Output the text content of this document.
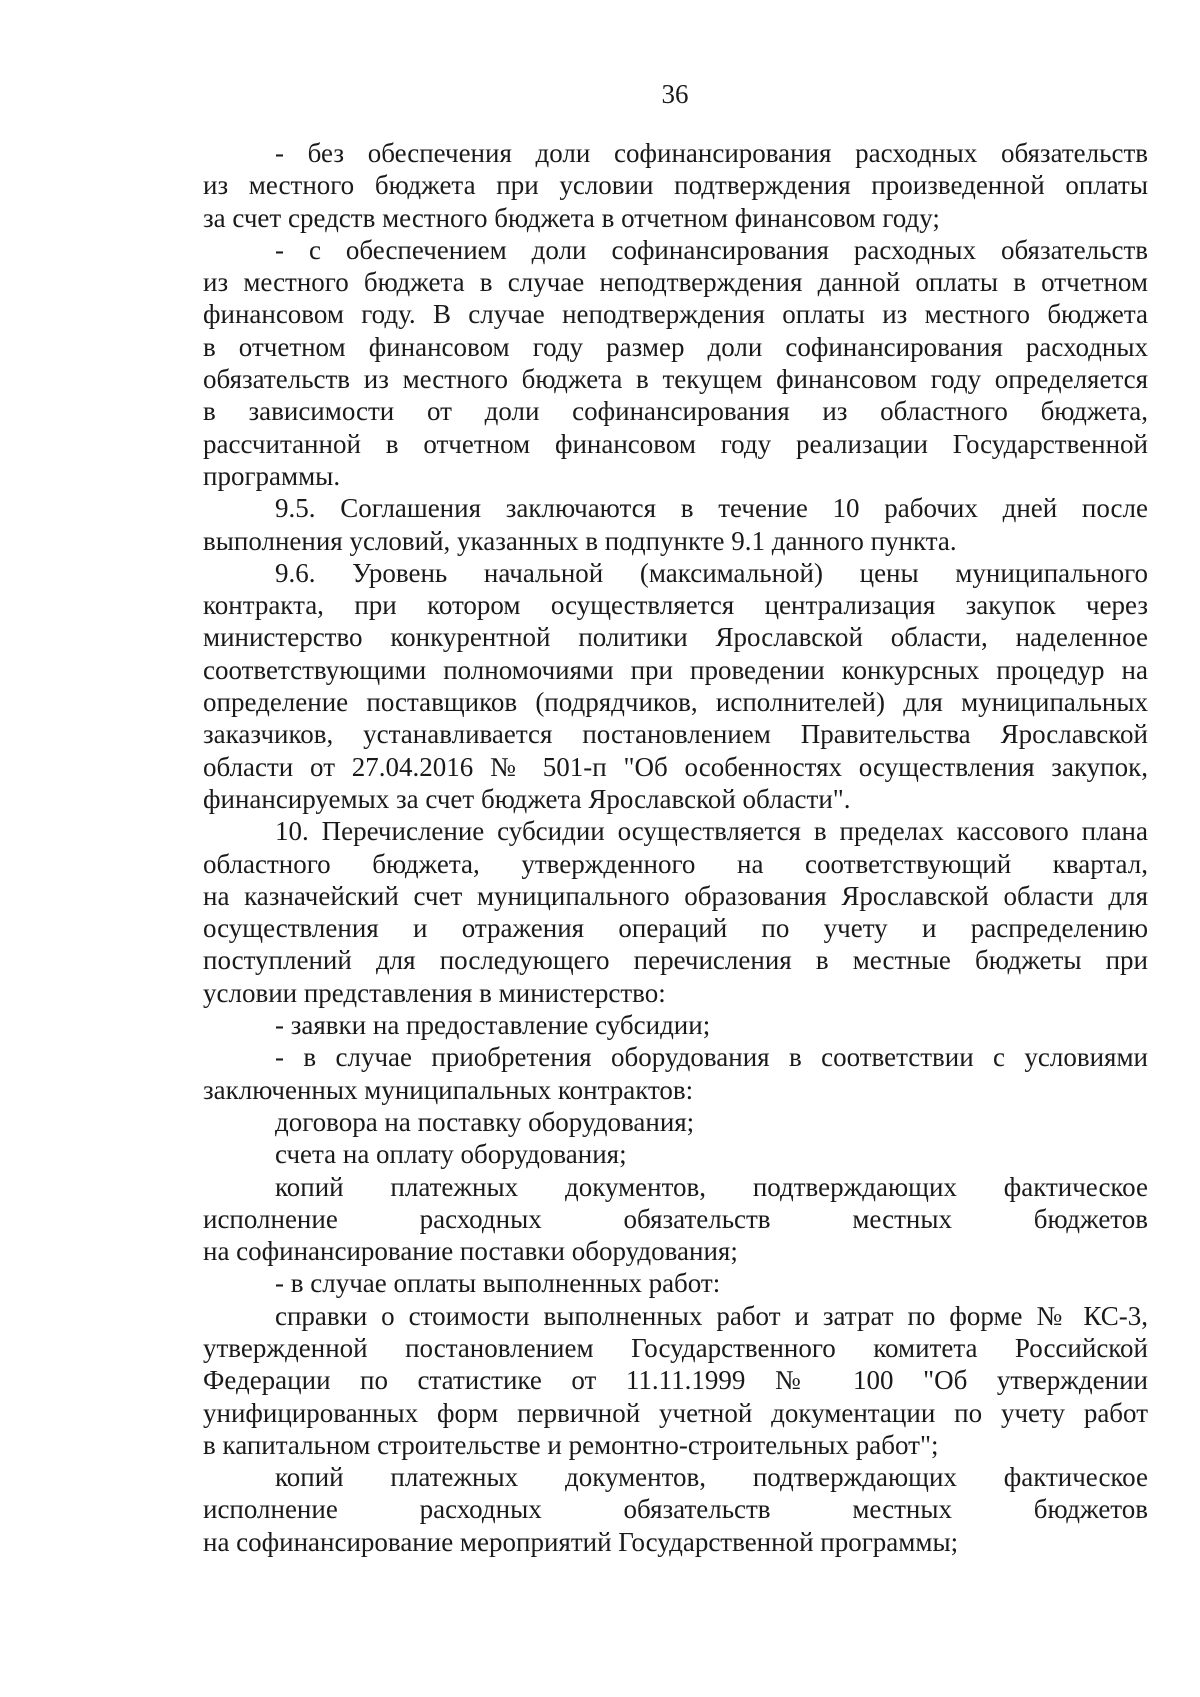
36
- без обеспечения доли софинансирования расходных обязательств
из местного бюджета при условии подтверждения произведенной оплаты
за счет средств местного бюджета в отчетном финансовом году;
- с обеспечением доли софинансирования расходных обязательств
из местного бюджета в случае неподтверждения данной оплаты в отчетном
финансовом году. В случае неподтверждения оплаты из местного бюджета
в отчетном финансовом году размер доли софинансирования расходных
обязательств из местного бюджета в текущем финансовом году определяется
в зависимости от доли софинансирования из областного бюджета,
рассчитанной в отчетном финансовом году реализации Государственной
программы.
9.5. Соглашения заключаются в течение 10 рабочих дней после
выполнения условий, указанных в подпункте 9.1 данного пункта.
9.6. Уровень начальной (максимальной) цены муниципального
контракта, при котором осуществляется централизация закупок через
министерство конкурентной политики Ярославской области, наделенное
соответствующими полномочиями при проведении конкурсных процедур на
определение поставщиков (подрядчиков, исполнителей) для муниципальных
заказчиков, устанавливается постановлением Правительства Ярославской
области от 27.04.2016 № 501-п "Об особенностях осуществления закупок,
финансируемых за счет бюджета Ярославской области".
10. Перечисление субсидии осуществляется в пределах кассового плана
областного бюджета, утвержденного на соответствующий квартал,
на казначейский счет муниципального образования Ярославской области для
осуществления и отражения операций по учету и распределению
поступлений для последующего перечисления в местные бюджеты при
условии представления в министерство:
- заявки на предоставление субсидии;
- в случае приобретения оборудования в соответствии с условиями
заключенных муниципальных контрактов:
договора на поставку оборудования;
счета на оплату оборудования;
копий платежных документов, подтверждающих фактическое
исполнение расходных обязательств местных бюджетов
на софинансирование поставки оборудования;
- в случае оплаты выполненных работ:
справки о стоимости выполненных работ и затрат по форме № КС-3,
утвержденной постановлением Государственного комитета Российской
Федерации по статистике от 11.11.1999 № 100 "Об утверждении
унифицированных форм первичной учетной документации по учету работ
в капитальном строительстве и ремонтно-строительных работ";
копий платежных документов, подтверждающих фактическое
исполнение расходных обязательств местных бюджетов
на софинансирование мероприятий Государственной программы;
